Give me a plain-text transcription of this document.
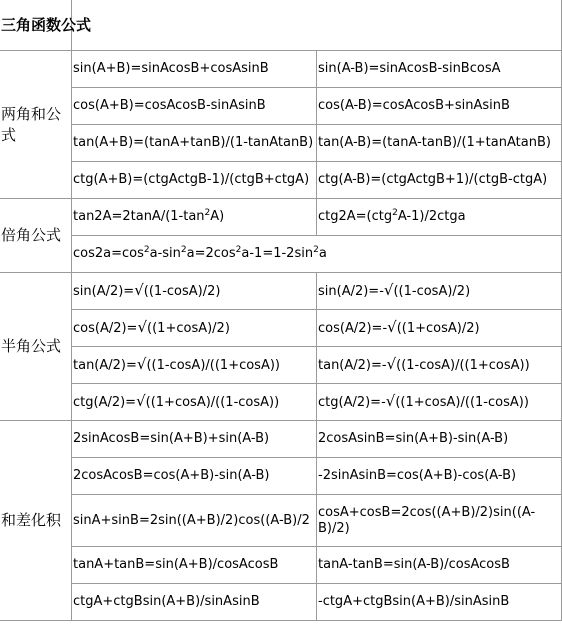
三角函数公式		
两角和公式	sin(A+B)=sinAcosB+cosAsinB	sin(A-B)=sinAcosB-sinBcosA
	cos(A+B)=cosAcosB-sinAsinB	cos(A-B)=cosAcosB+sinAsinB
	tan(A+B)=(tanA+tanB)/(1-tanAtanB)	tan(A-B)=(tanA-tanB)/(1+tanAtanB)
	ctg(A+B)=(ctgActgB-1)/(ctgB+ctgA)	ctg(A-B)=(ctgActgB+1)/(ctgB-ctgA)
倍角公式	$\tan 2A=2\tan A/(1-\tan^2A)$	ctg2A=(ctg$^2$A-1)/2ctga
	$\cos 2a=\cos^2a-\sin^2a=2\cos^2a-1=1-2\sin^2a$	
半角公式	sin(A/2)=√((1-cosA)/2)	sin(A/2)=-√((1-cosA)/2)
	cos(A/2)=√((1+cosA)/2)	cos(A/2)=-√((1+cosA)/2)
	tan(A/2)=√((1-cosA)/((1+cosA))	tan(A/2)=-√((1-cosA)/((1+cosA))
	ctg(A/2)=√((1+cosA)/((1-cosA))	ctg(A/2)=-√((1+cosA)/((1-cosA))
和差化积	2sinAcosB=sin(A+B)+sin(A-B)	2cosAsinB=sin(A+B)-sin(A-B)
	2cosAcosB=cos(A+B)-sin(A-B)	-2sinAsinB=cos(A+B)-cos(A-B)
	sinA+sinB=2sin((A+B)/2)cos((A-B)/2	cosA+cosB=2cos((A+B)/2)sin((A-B)/2)
	tanA+tanB=sin(A+B)/cosAcosB	tanA-tanB=sin(A-B)/cosAcosB
	ctgA+ctgBsin(A+B)/sinAsinB	-ctgA+ctgBsin(A+B)/sinAsinB
